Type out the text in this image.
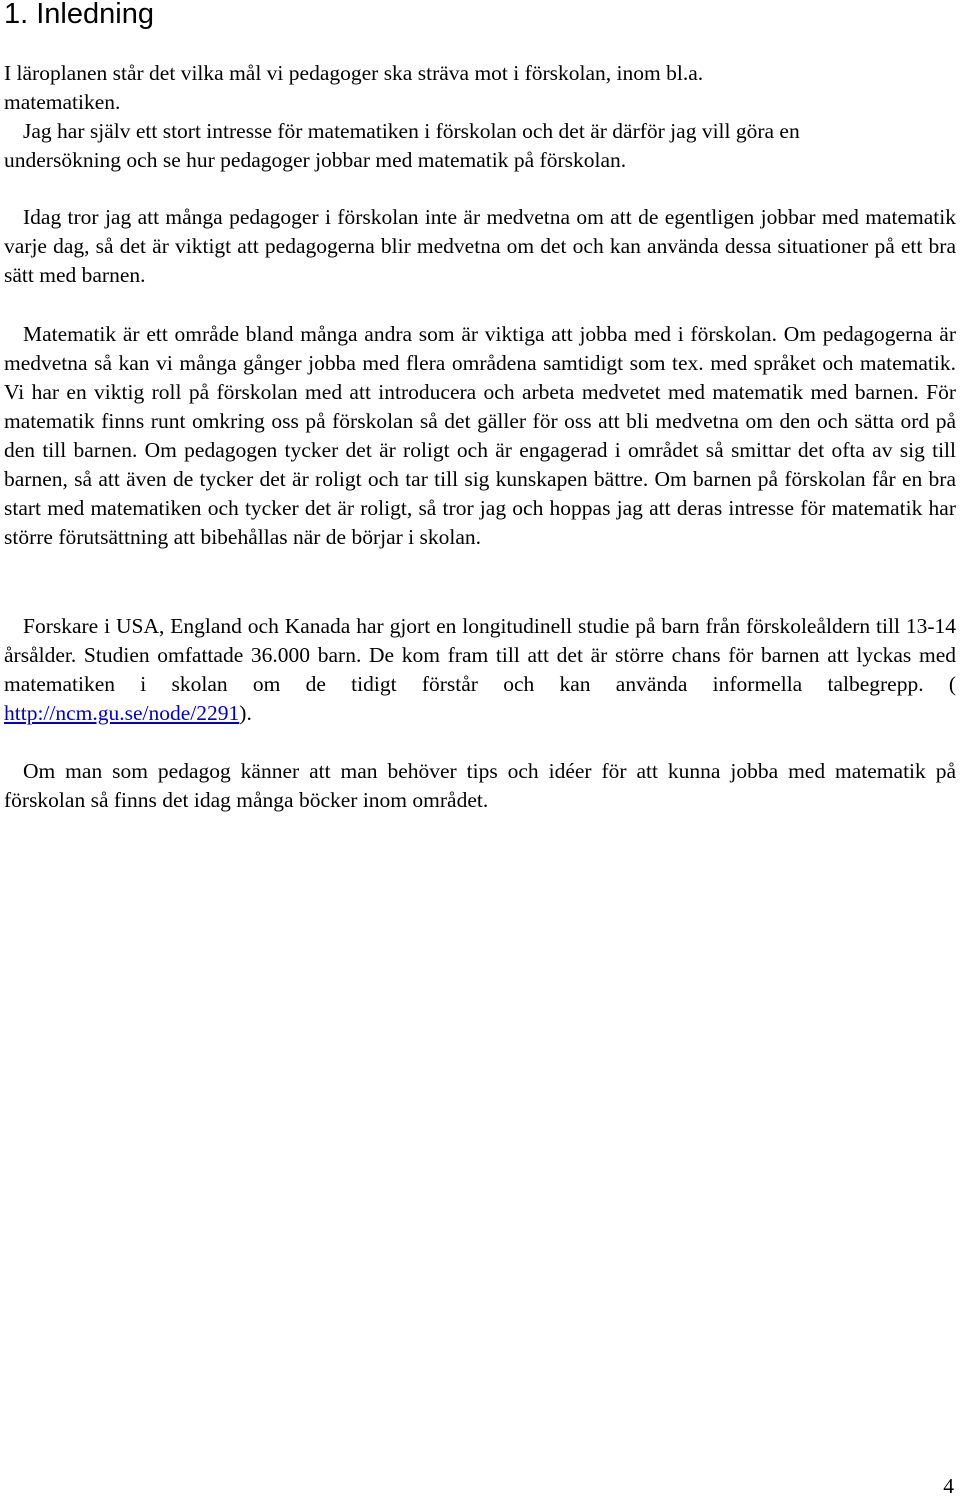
1. Inledning
I läroplanen står det vilka mål vi pedagoger ska sträva mot i förskolan, inom bl.a.
matematiken.
Jag har själv ett stort intresse för matematiken i förskolan och det är därför jag vill göra en
undersökning och se hur pedagoger jobbar med matematik på förskolan.

Idag tror jag att många pedagoger i förskolan inte är medvetna om att de egentligen jobbar med matematik varje dag, så det är viktigt att pedagogerna blir medvetna om det och kan använda dessa situationer på ett bra sätt med barnen.

Matematik är ett område bland många andra som är viktiga att jobba med i förskolan. Om pedagogerna är medvetna så kan vi många gånger jobba med flera områdena samtidigt som tex. med språket och matematik. Vi har en viktig roll på förskolan med att introducera och arbeta medvetet med matematik med barnen. För matematik finns runt omkring oss på förskolan så det gäller för oss att bli medvetna om den och sätta ord på den till barnen. Om pedagogen tycker det är roligt och är engagerad i området så smittar det ofta av sig till barnen, så att även de tycker det är roligt och tar till sig kunskapen bättre. Om barnen på förskolan får en bra start med matematiken och tycker det är roligt, så tror jag och hoppas jag att deras intresse för matematik har större förutsättning att bibehållas när de börjar i skolan.

Forskare i USA, England och Kanada har gjort en longitudinell studie på barn från förskoleåldern till 13-14 årsålder. Studien omfattade 36.000 barn. De kom fram till att det är större chans för barnen att lyckas med matematiken i skolan om de tidigt förstår och kan använda informella talbegrepp. ( http://ncm.gu.se/node/2291).

Om man som pedagog känner att man behöver tips och idéer för att kunna jobba med matematik på förskolan så finns det idag många böcker inom området.

4
